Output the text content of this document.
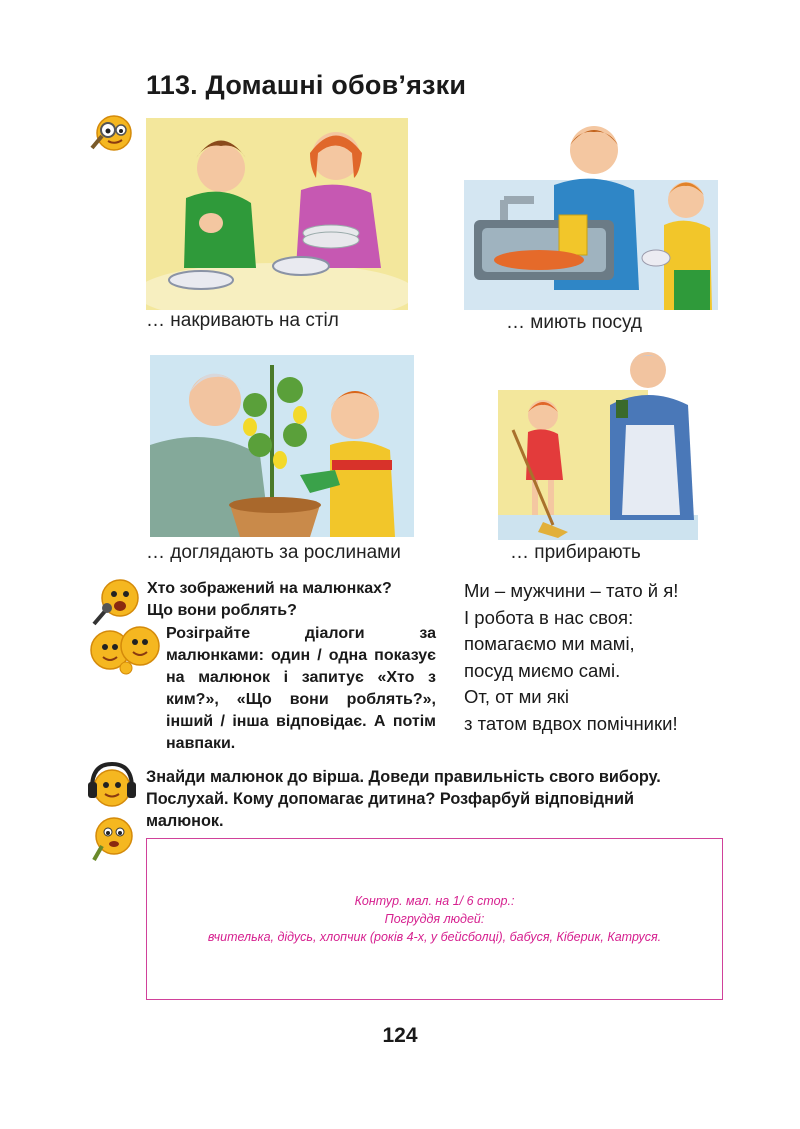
113. Домашні обов’язки
… накривають на стіл	… миють посуд
… доглядають за рослинами	… прибирають
Хто зображений на малюнках?
Що вони роблять?
Розіграйте діалоги за малюнками: один / одна показує на малюнок і запитує «Хто з ким?», «Що вони роблять?», інший / інша відповідає. А потім навпаки.
Ми – мужчини – тато й я!
І робота в нас своя:
помагаємо ми мамі,
посуд миємо самі.
От, от ми які
з татом вдвох помічники!
Знайди малюнок до вірша. Доведи правильність свого вибору.
Послухай. Кому допомагає дитина? Розфарбуй відповідний
малюнок.
Контур. мал. на 1/ 6 стор.:
Погруддя людей:
вчителька, дідусь, хлопчик (років 4-х, у бейсболці), бабуся, Кіберик, Катруся.
124
